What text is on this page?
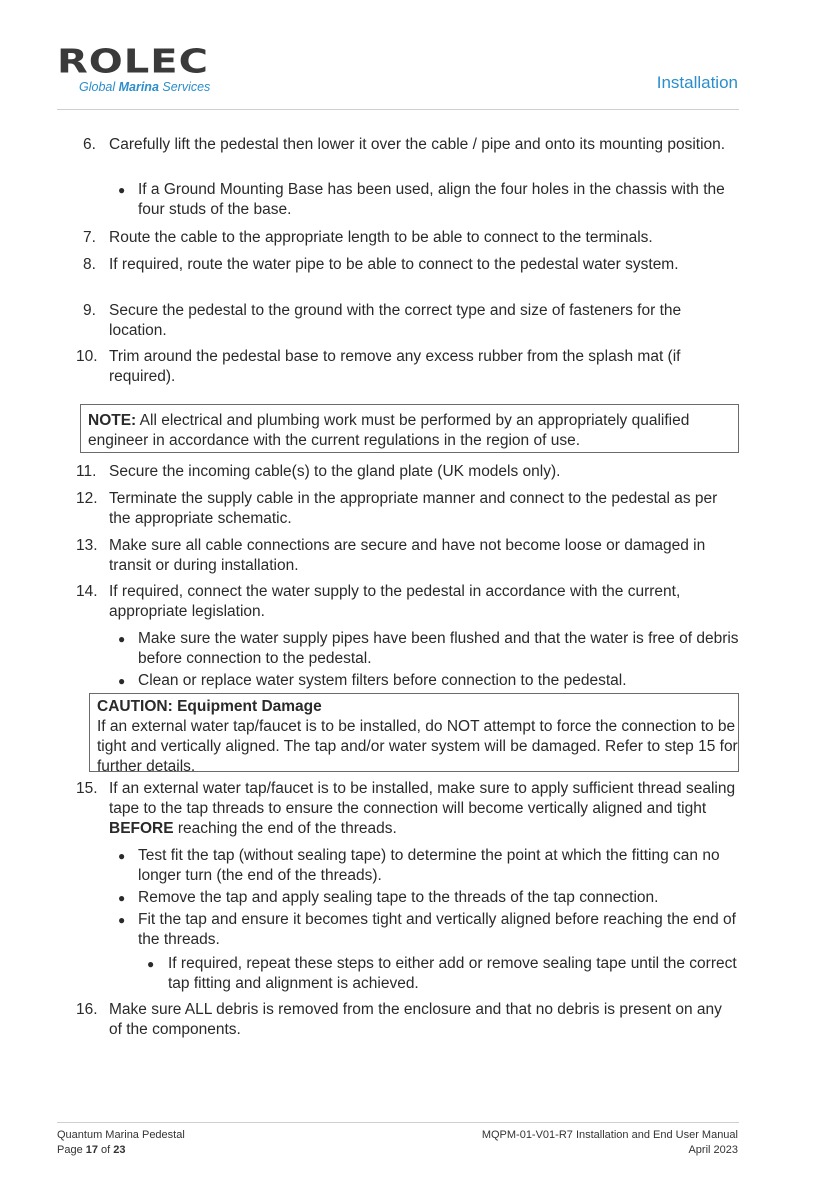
ROLEC
Global Marina Services	Installation
6. Carefully lift the pedestal then lower it over the cable / pipe and onto its mounting position.
● If a Ground Mounting Base has been used, align the four holes in the chassis with the four studs of the base.
7. Route the cable to the appropriate length to be able to connect to the terminals.
8. If required, route the water pipe to be able to connect to the pedestal water system.
9. Secure the pedestal to the ground with the correct type and size of fasteners for the location.
10. Trim around the pedestal base to remove any excess rubber from the splash mat (if required).
NOTE: All electrical and plumbing work must be performed by an appropriately qualified engineer in accordance with the current regulations in the region of use.
11. Secure the incoming cable(s) to the gland plate (UK models only).
12. Terminate the supply cable in the appropriate manner and connect to the pedestal as per the appropriate schematic.
13. Make sure all cable connections are secure and have not become loose or damaged in transit or during installation.
14. If required, connect the water supply to the pedestal in accordance with the current, appropriate legislation.
● Make sure the water supply pipes have been flushed and that the water is free of debris before connection to the pedestal.
● Clean or replace water system filters before connection to the pedestal.
CAUTION: Equipment Damage
If an external water tap/faucet is to be installed, do NOT attempt to force the connection to be tight and vertically aligned. The tap and/or water system will be damaged. Refer to step 15 for further details.
15. If an external water tap/faucet is to be installed, make sure to apply sufficient thread sealing tape to the tap threads to ensure the connection will become vertically aligned and tight BEFORE reaching the end of the threads.
● Test fit the tap (without sealing tape) to determine the point at which the fitting can no longer turn (the end of the threads).
● Remove the tap and apply sealing tape to the threads of the tap connection.
● Fit the tap and ensure it becomes tight and vertically aligned before reaching the end of the threads.
● If required, repeat these steps to either add or remove sealing tape until the correct tap fitting and alignment is achieved.
16. Make sure ALL debris is removed from the enclosure and that no debris is present on any of the components.
Quantum Marina Pedestal
Page 17 of 23
MQPM-01-V01-R7 Installation and End User Manual
April 2023
